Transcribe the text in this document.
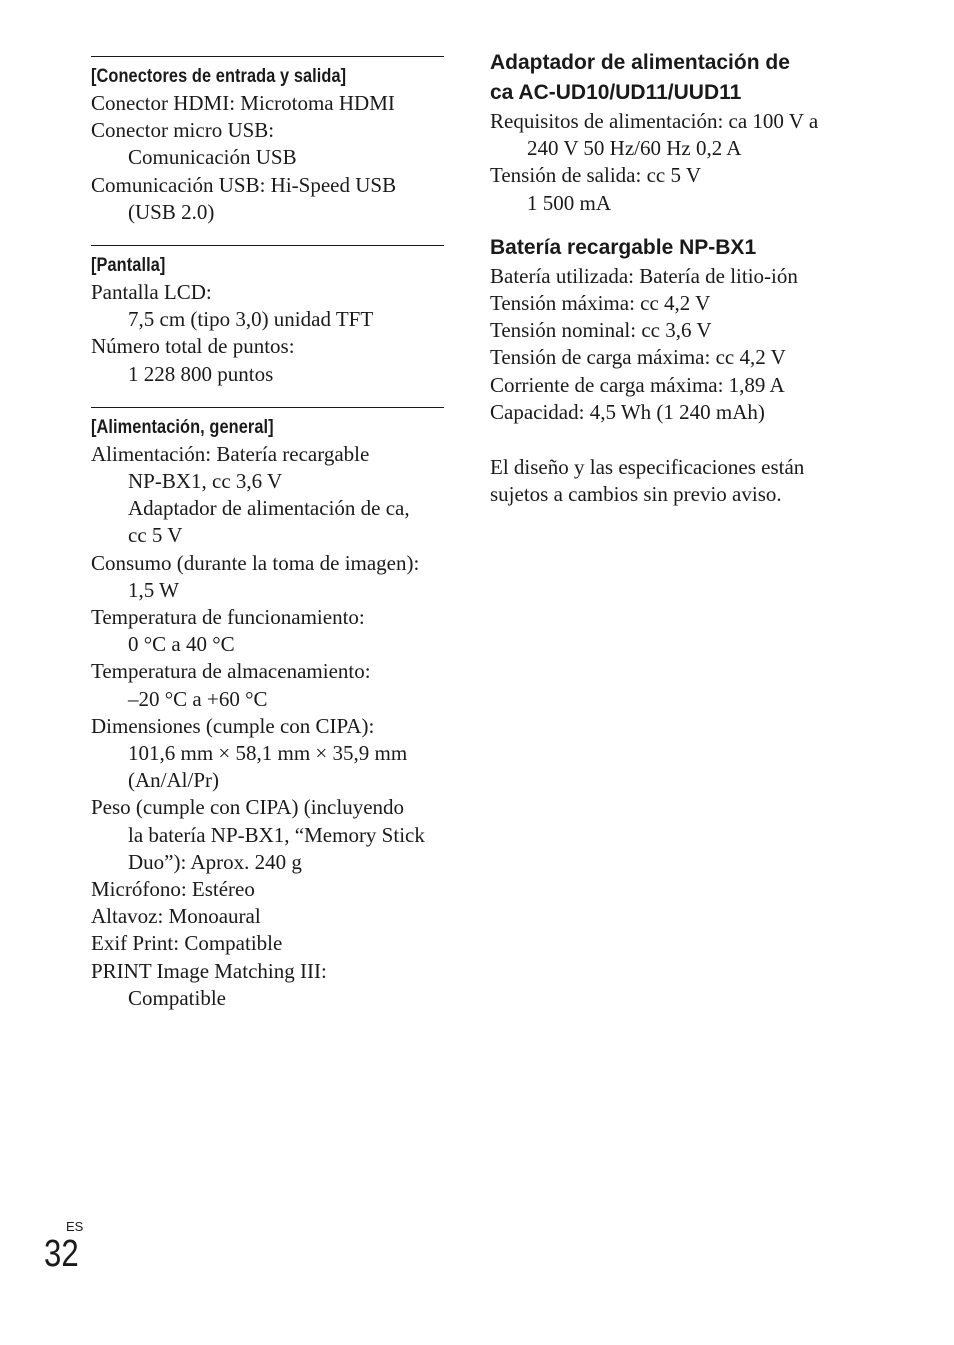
[Conectores de entrada y salida]
Conector HDMI: Microtoma HDMI
Conector micro USB:
Comunicación USB
Comunicación USB: Hi-Speed USB
(USB 2.0)
[Pantalla]
Pantalla LCD:
7,5 cm (tipo 3,0) unidad TFT
Número total de puntos:
1 228 800 puntos
[Alimentación, general]
Alimentación: Batería recargable
NP-BX1, cc 3,6 V
Adaptador de alimentación de ca,
cc 5 V
Consumo (durante la toma de imagen):
1,5 W
Temperatura de funcionamiento:
0 °C a 40 °C
Temperatura de almacenamiento:
–20 °C a +60 °C
Dimensiones (cumple con CIPA):
101,6 mm × 58,1 mm × 35,9 mm
(An/Al/Pr)
Peso (cumple con CIPA) (incluyendo
la batería NP-BX1, “Memory Stick
Duo”): Aprox. 240 g
Micrófono: Estéreo
Altavoz: Monoaural
Exif Print: Compatible
PRINT Image Matching III:
Compatible
Adaptador de alimentación de
ca AC-UD10/UD11/UUD11
Requisitos de alimentación: ca 100 V a
240 V 50 Hz/60 Hz 0,2 A
Tensión de salida: cc 5 V
1 500 mA
Batería recargable NP-BX1
Batería utilizada: Batería de litio-ión
Tensión máxima: cc 4,2 V
Tensión nominal: cc 3,6 V
Tensión de carga máxima: cc 4,2 V
Corriente de carga máxima: 1,89 A
Capacidad: 4,5 Wh (1 240 mAh)
El diseño y las especificaciones están
sujetos a cambios sin previo aviso.
ES
32
